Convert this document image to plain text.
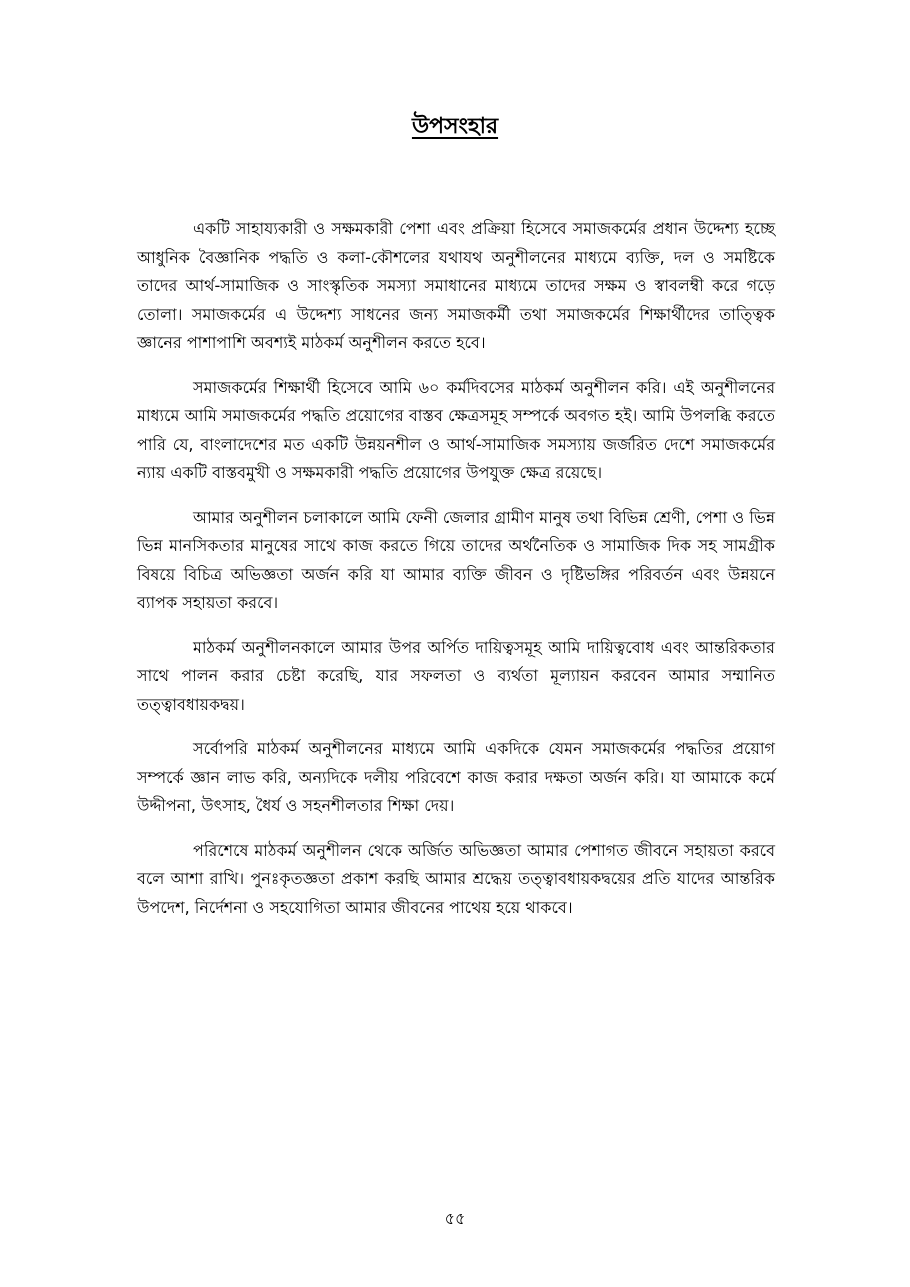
উপসংহার

একটি সাহায্যকারী ও সক্ষমকারী পেশা এবং প্রক্রিয়া হিসেবে সমাজকর্মের প্রধান উদ্দেশ্য হচ্ছে আধুনিক বৈজ্ঞানিক পদ্ধতি ও কলা-কৌশলের যথাযথ অনুশীলনের মাধ্যমে ব্যক্তি, দল ও সমষ্টিকে তাদের আর্থ-সামাজিক ও সাংস্কৃতিক সমস্যা সমাধানের মাধ্যমে তাদের সক্ষম ও স্বাবলম্বী করে গড়ে তোলা। সমাজকর্মের এ উদ্দেশ্য সাধনের জন্য সমাজকর্মী তথা সমাজকর্মের শিক্ষার্থীদের তাত্ত্বিক জ্ঞানের পাশাপাশি অবশ্যই মাঠকর্ম অনুশীলন করতে হবে।

সমাজকর্মের শিক্ষার্থী হিসেবে আমি ৬০ কর্মদিবসের মাঠকর্ম অনুশীলন করি। এই অনুশীলনের মাধ্যমে আমি সমাজকর্মের পদ্ধতি প্রয়োগের বাস্তব ক্ষেত্রসমূহ সম্পর্কে অবগত হই। আমি উপলব্ধি করতে পারি যে, বাংলাদেশের মত একটি উন্নয়নশীল ও আর্থ-সামাজিক সমস্যায় জর্জরিত দেশে সমাজকর্মের ন্যায় একটি বাস্তবমুখী ও সক্ষমকারী পদ্ধতি প্রয়োগের উপযুক্ত ক্ষেত্র রয়েছে।

আমার অনুশীলন চলাকালে আমি ফেনী জেলার গ্রামীণ মানুষ তথা বিভিন্ন শ্রেণী, পেশা ও ভিন্ন ভিন্ন মানসিকতার মানুষের সাথে কাজ করতে গিয়ে তাদের অর্থনৈতিক ও সামাজিক দিক সহ সামগ্রীক বিষয়ে বিচিত্র অভিজ্ঞতা অর্জন করি যা আমার ব্যক্তি জীবন ও দৃষ্টিভঙ্গির পরিবর্তন এবং উন্নয়নে ব্যাপক সহায়তা করবে।

মাঠকর্ম অনুশীলনকালে আমার উপর অর্পিত দায়িত্বসমূহ আমি দায়িত্ববোধ এবং আন্তরিকতার সাথে পালন করার চেষ্টা করেছি, যার সফলতা ও ব্যর্থতা মূল্যায়ন করবেন আমার সম্মানিত তত্ত্বাবধায়কদ্বয়।

সর্বোপরি মাঠকর্ম অনুশীলনের মাধ্যমে আমি একদিকে যেমন সমাজকর্মের পদ্ধতির প্রয়োগ সম্পর্কে জ্ঞান লাভ করি, অন্যদিকে দলীয় পরিবেশে কাজ করার দক্ষতা অর্জন করি। যা আমাকে কর্মে উদ্দীপনা, উৎসাহ, ধৈর্য ও সহনশীলতার শিক্ষা দেয়।

পরিশেষে মাঠকর্ম অনুশীলন থেকে অর্জিত অভিজ্ঞতা আমার পেশাগত জীবনে সহায়তা করবে বলে আশা রাখি। পুনঃকৃতজ্ঞতা প্রকাশ করছি আমার শ্রদ্ধেয় তত্ত্বাবধায়কদ্বয়ের প্রতি যাদের আন্তরিক উপদেশ, নির্দেশনা ও সহযোগিতা আমার জীবনের পাথেয় হয়ে থাকবে।

৫৫
